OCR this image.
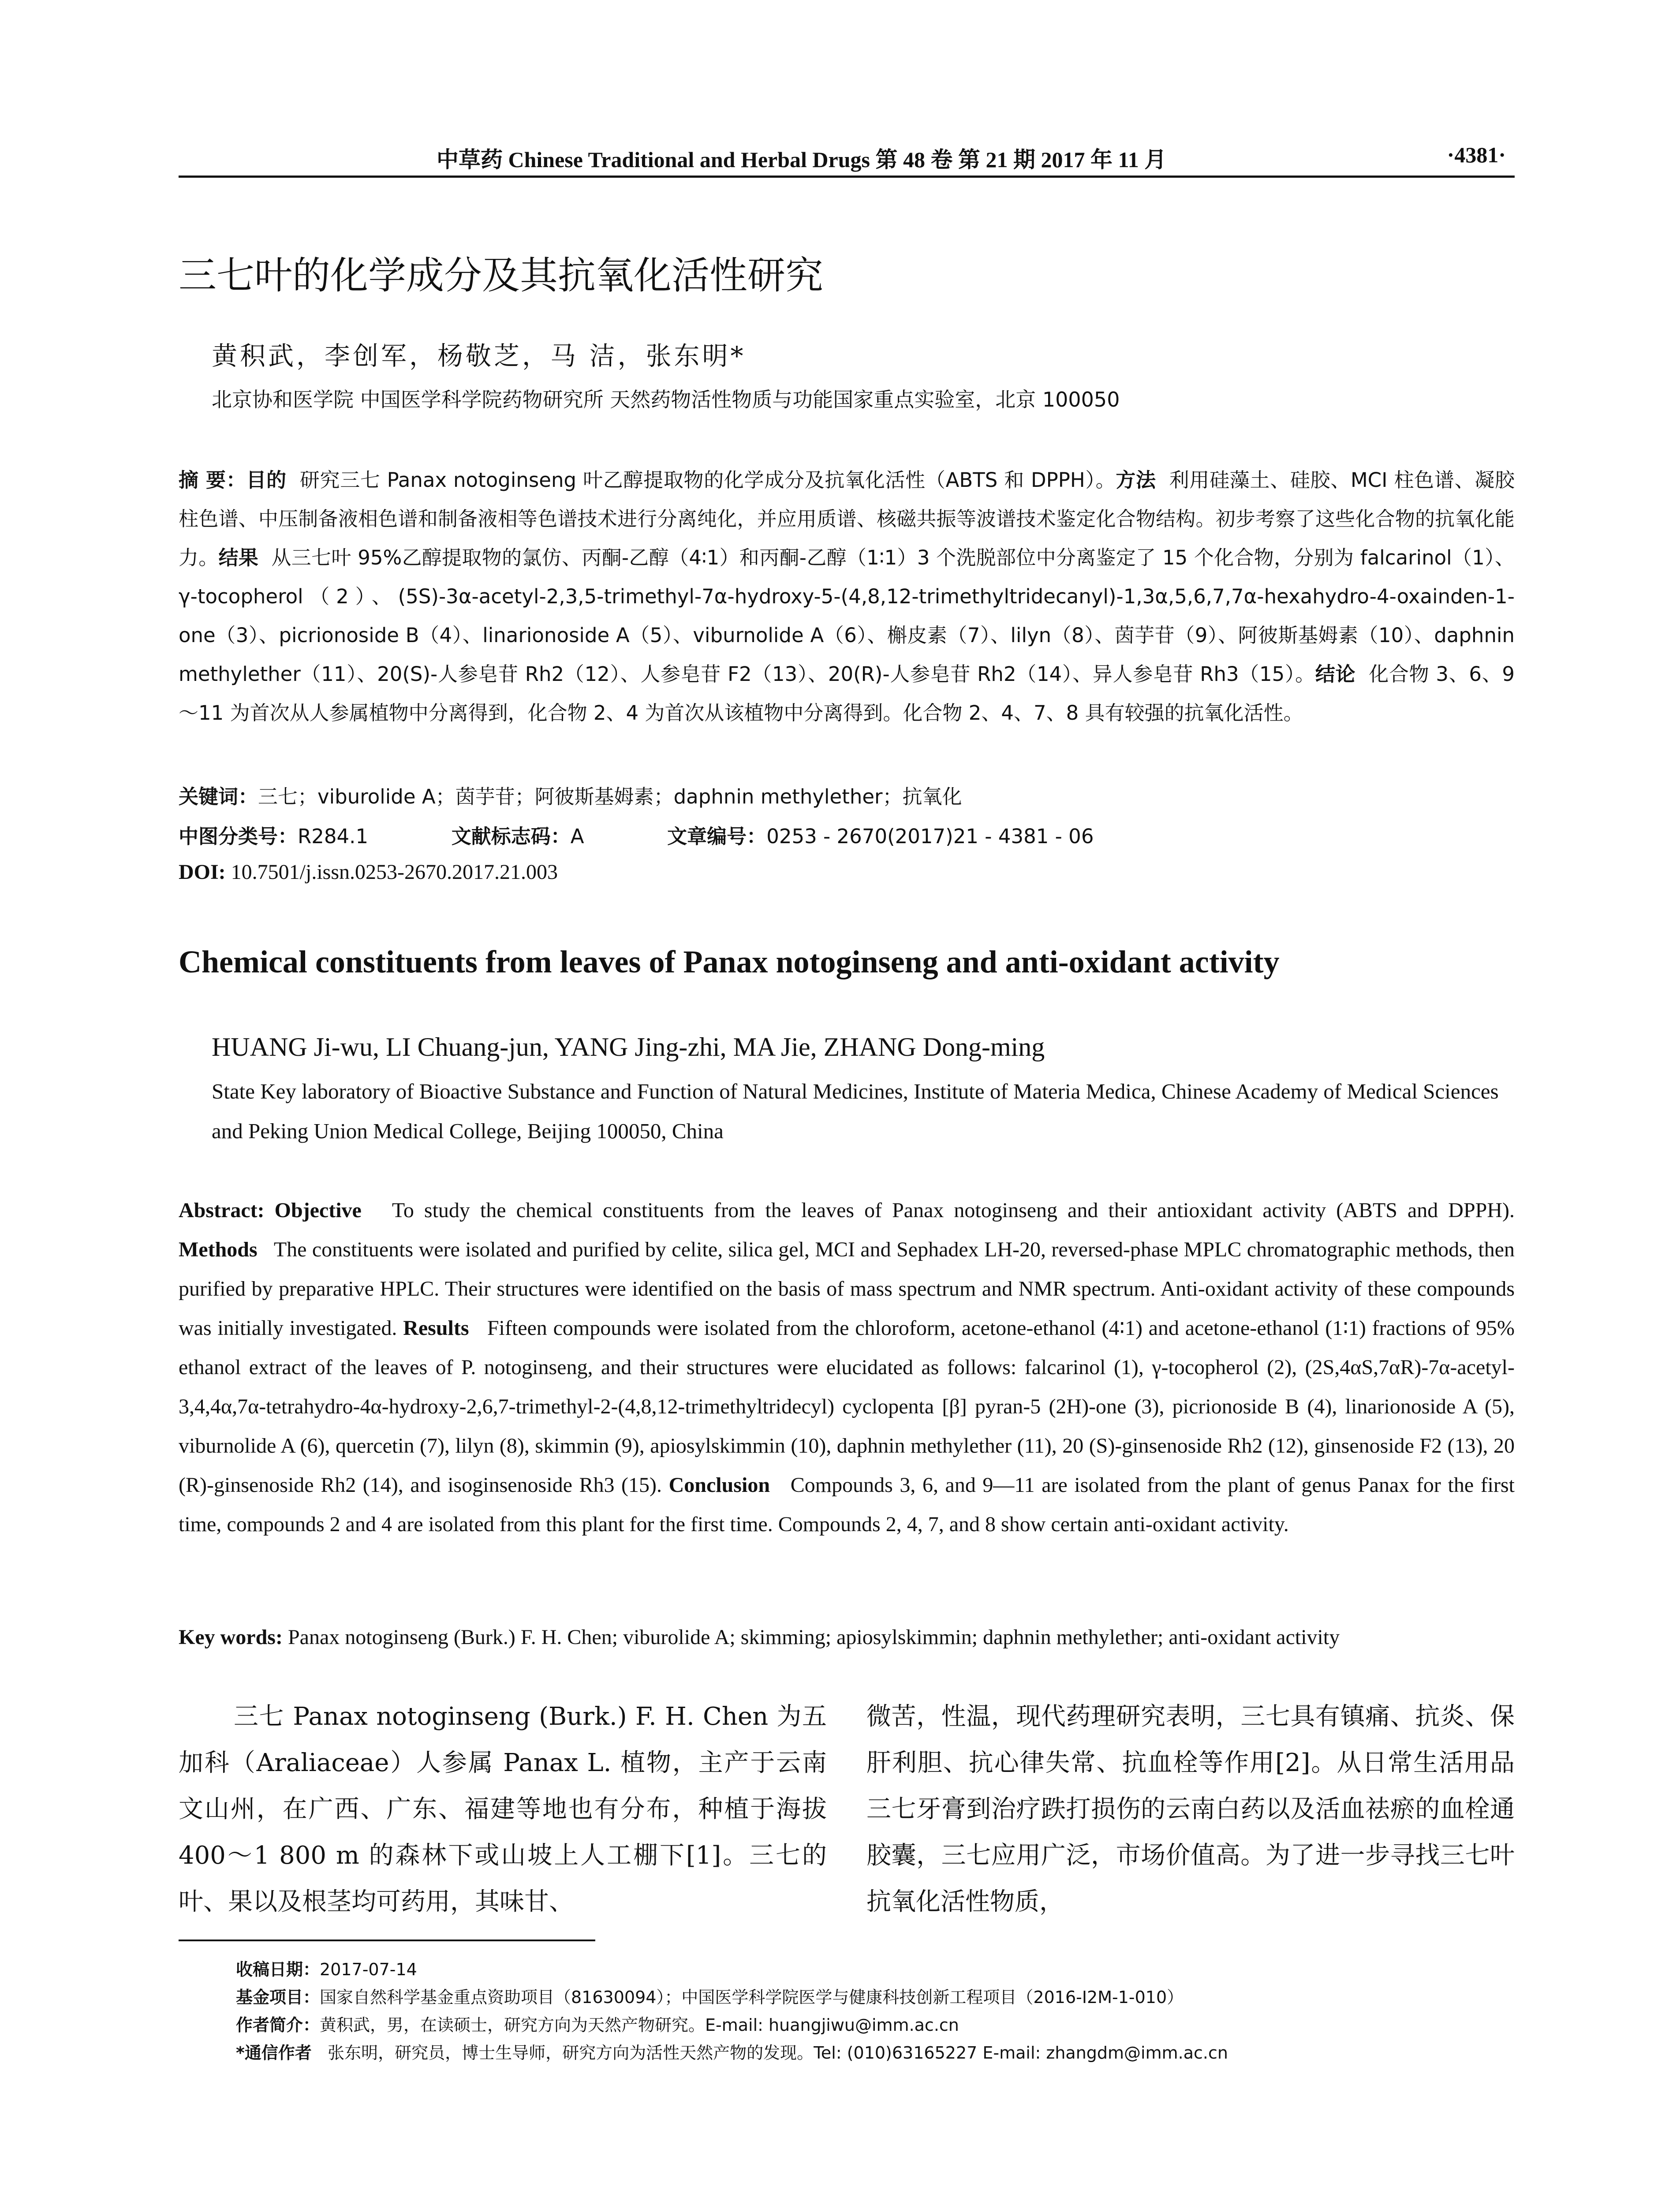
中草药 Chinese Traditional and Herbal Drugs 第 48 卷 第 21 期 2017 年 11 月	·4381·
三七叶的化学成分及其抗氧化活性研究
黄积武，李创军，杨敬芝，马 洁，张东明*
北京协和医学院 中国医学科学院药物研究所 天然药物活性物质与功能国家重点实验室，北京 100050
摘 要：目的 研究三七 Panax notoginseng 叶乙醇提取物的化学成分及抗氧化活性（ABTS 和 DPPH）。方法 利用硅藻土、硅胶、MCI 柱色谱、凝胶柱色谱、中压制备液相色谱和制备液相等色谱技术进行分离纯化，并应用质谱、核磁共振等波谱技术鉴定化合物结构。初步考察了这些化合物的抗氧化能力。结果 从三七叶 95%乙醇提取物的氯仿、丙酮-乙醇（4∶1）和丙酮-乙醇（1∶1）3 个洗脱部位中分离鉴定了 15 个化合物，分别为 falcarinol（1）、γ-tocopherol（2）、(5S)-3α-acetyl-2,3,5-trimethyl-7α-hydroxy-5-(4,8,12-trimethyltridecanyl)-1,3α,5,6,7,7α-hexahydro-4-oxainden-1-one（3）、picrionoside B（4）、linarionoside A（5）、viburnolide A（6）、槲皮素（7）、lilyn（8）、茵芋苷（9）、阿彼斯基姆素（10）、daphnin methylether（11）、20(S)-人参皂苷 Rh2（12）、人参皂苷 F2（13）、20(R)-人参皂苷 Rh2（14）、异人参皂苷 Rh3（15）。结论 化合物 3、6、9～11 为首次从人参属植物中分离得到，化合物 2、4 为首次从该植物中分离得到。化合物 2、4、7、8 具有较强的抗氧化活性。
关键词：三七；viburolide A；茵芋苷；阿彼斯基姆素；daphnin methylether；抗氧化
中图分类号：R284.1	文献标志码：A	文章编号：0253 - 2670(2017)21 - 4381 - 06
DOI: 10.7501/j.issn.0253-2670.2017.21.003
Chemical constituents from leaves of Panax notoginseng and anti-oxidant activity
HUANG Ji-wu, LI Chuang-jun, YANG Jing-zhi, MA Jie, ZHANG Dong-ming
State Key laboratory of Bioactive Substance and Function of Natural Medicines, Institute of Materia Medica, Chinese Academy of Medical Sciences and Peking Union Medical College, Beijing 100050, China
Abstract: Objective To study the chemical constituents from the leaves of Panax notoginseng and their antioxidant activity (ABTS and DPPH). Methods The constituents were isolated and purified by celite, silica gel, MCI and Sephadex LH-20, reversed-phase MPLC chromatographic methods, then purified by preparative HPLC. Their structures were identified on the basis of mass spectrum and NMR spectrum. Anti-oxidant activity of these compounds was initially investigated. Results Fifteen compounds were isolated from the chloroform, acetone-ethanol (4∶1) and acetone-ethanol (1∶1) fractions of 95% ethanol extract of the leaves of P. notoginseng, and their structures were elucidated as follows: falcarinol (1), γ-tocopherol (2), (2S,4αS,7αR)-7α-acetyl-3,4,4α,7α-tetrahydro-4α-hydroxy-2,6,7-trimethyl-2-(4,8,12-trimethyltridecyl) cyclopenta [β] pyran-5 (2H)-one (3), picrionoside B (4), linarionoside A (5), viburnolide A (6), quercetin (7), lilyn (8), skimmin (9), apiosylskimmin (10), daphnin methylether (11), 20 (S)-ginsenoside Rh2 (12), ginsenoside F2 (13), 20 (R)-ginsenoside Rh2 (14), and isoginsenoside Rh3 (15). Conclusion Compounds 3, 6, and 9—11 are isolated from the plant of genus Panax for the first time, compounds 2 and 4 are isolated from this plant for the first time. Compounds 2, 4, 7, and 8 show certain anti-oxidant activity.
Key words: Panax notoginseng (Burk.) F. H. Chen; viburolide A; skimming; apiosylskimmin; daphnin methylether; anti-oxidant activity
三七 Panax notoginseng (Burk.) F. H. Chen 为五加科（Araliaceae）人参属 Panax L. 植物，主产于云南文山州，在广西、广东、福建等地也有分布，种植于海拔 400～1 800 m 的森林下或山坡上人工棚下[1]。三七的叶、果以及根茎均可药用，其味甘、
微苦，性温，现代药理研究表明，三七具有镇痛、抗炎、保肝利胆、抗心律失常、抗血栓等作用[2]。从日常生活用品三七牙膏到治疗跌打损伤的云南白药以及活血祛瘀的血栓通胶囊，三七应用广泛，市场价值高。为了进一步寻找三七叶抗氧化活性物质，
收稿日期：2017-07-14
基金项目：国家自然科学基金重点资助项目（81630094）；中国医学科学院医学与健康科技创新工程项目（2016-I2M-1-010）
作者简介：黄积武，男，在读硕士，研究方向为天然产物研究。E-mail: huangjiwu@imm.ac.cn
*通信作者 张东明，研究员，博士生导师，研究方向为活性天然产物的发现。Tel: (010)63165227 E-mail: zhangdm@imm.ac.cn
